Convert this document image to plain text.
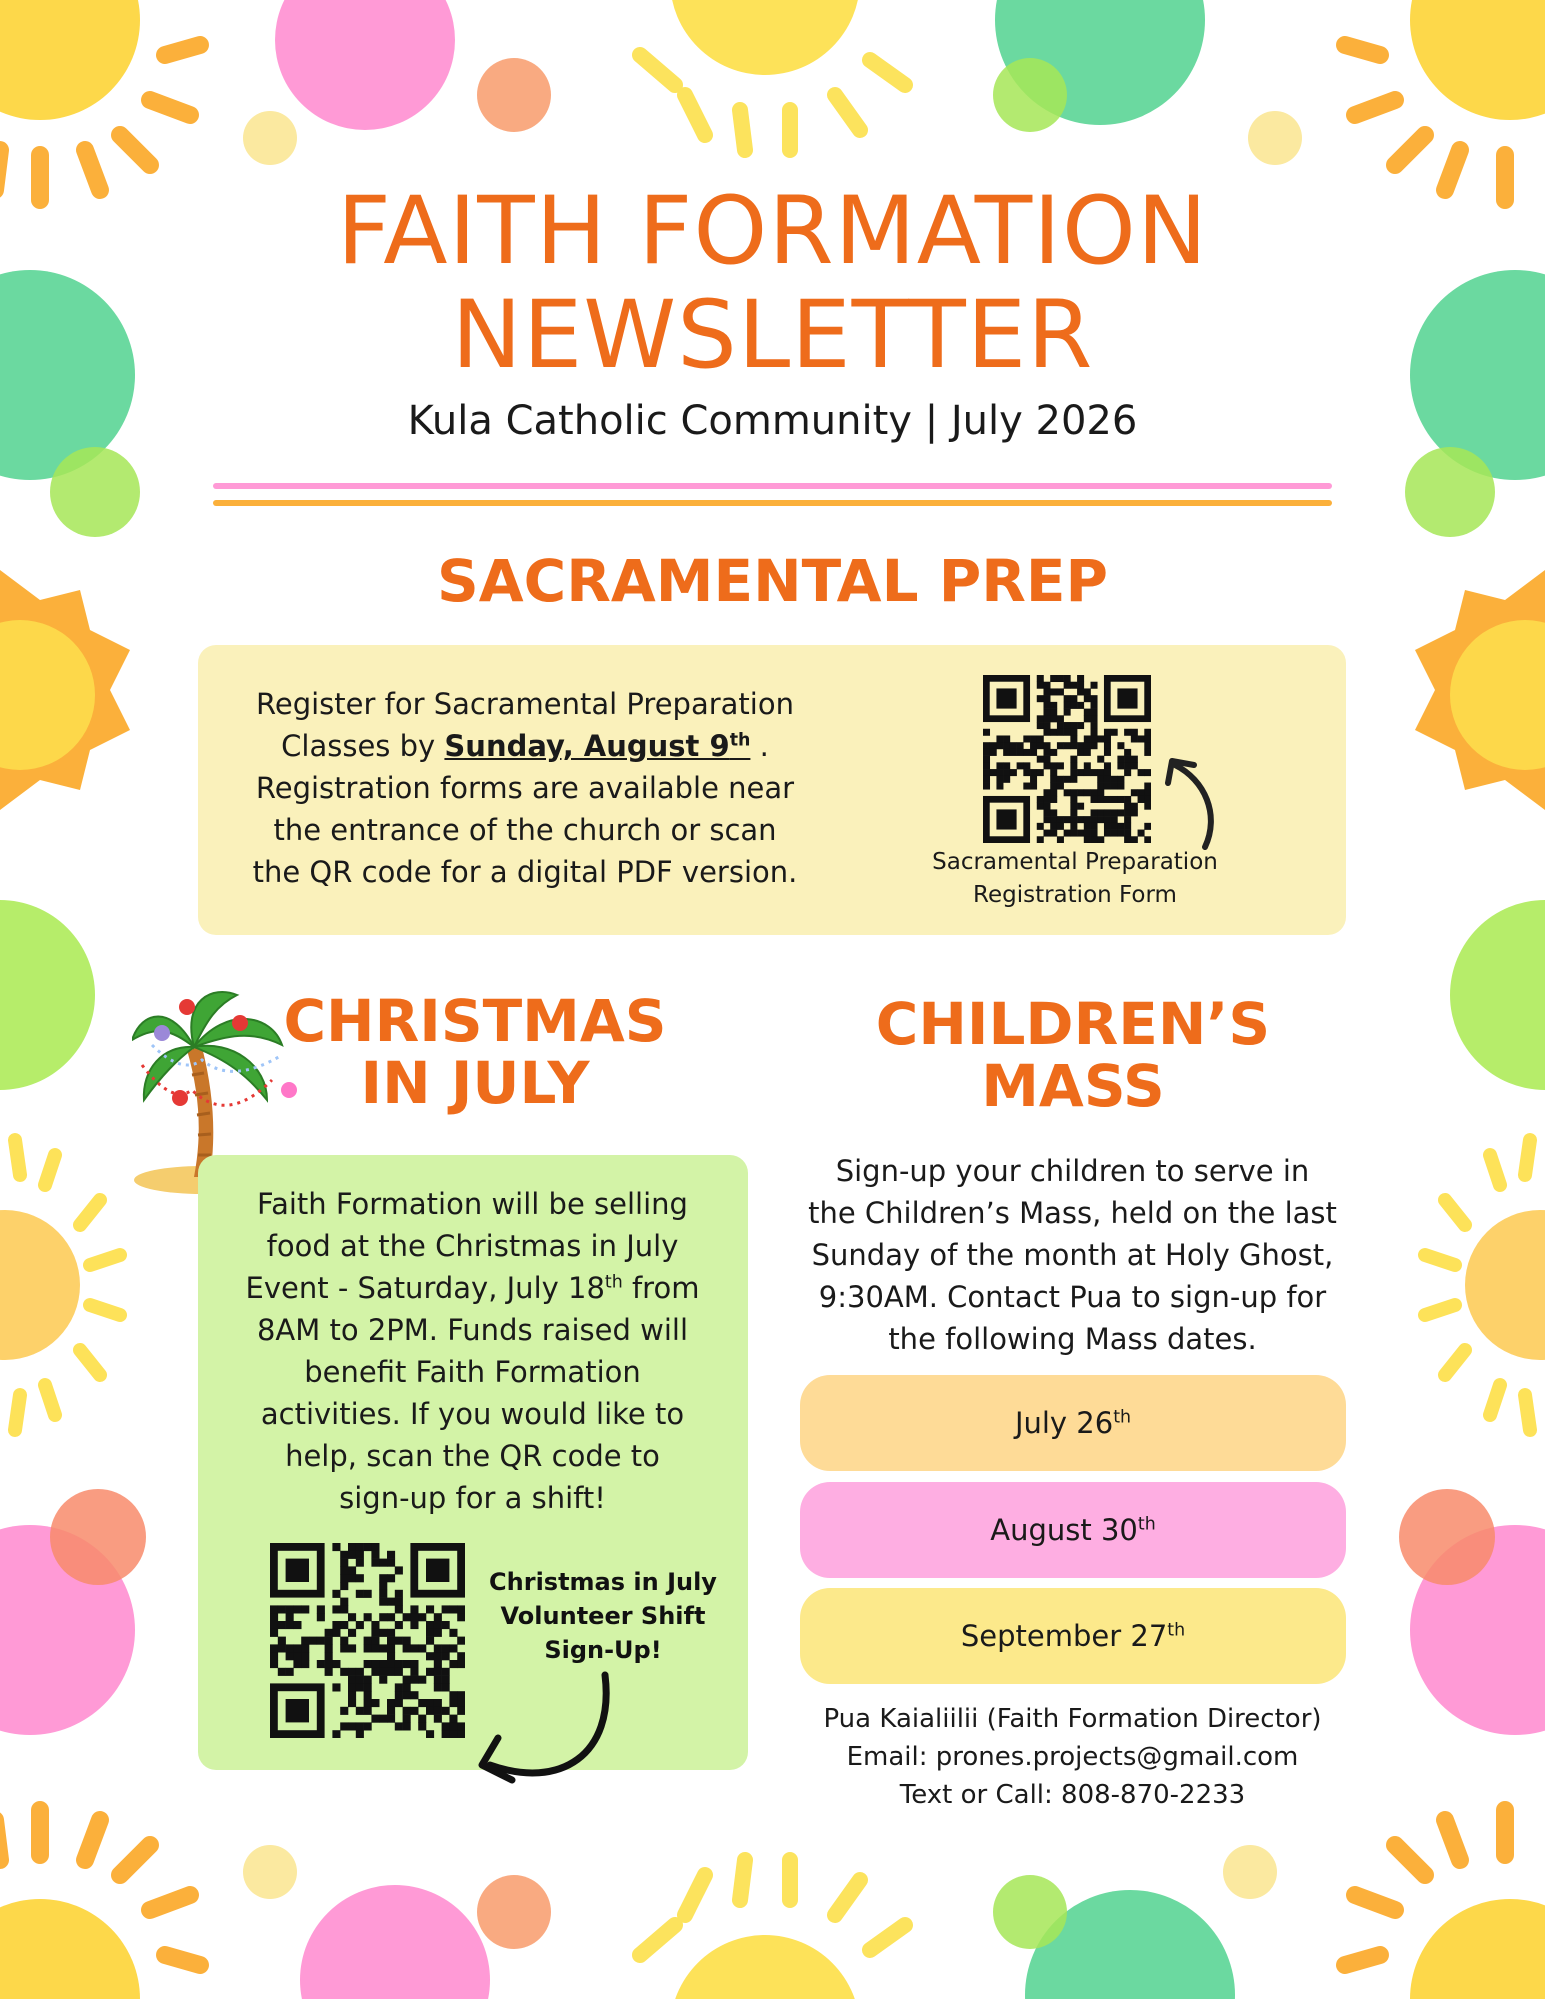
FAITH FORMATION
NEWSLETTER
Kula Catholic Community | July 2026
SACRAMENTAL PREP
Register for Sacramental Preparation
Classes by Sunday, August 9th .
Registration forms are available near
the entrance of the church or scan
the QR code for a digital PDF version.	Sacramental Preparation
Registration Form
CHRISTMAS
IN JULY
Faith Formation will be selling
food at the Christmas in July
Event - Saturday, July 18th from
8AM to 2PM. Funds raised will
benefit Faith Formation
activities. If you would like to
help, scan the QR code to
sign-up for a shift!
Christmas in July
Volunteer Shift
Sign-Up!
CHILDREN’S
MASS
Sign-up your children to serve in
the Children’s Mass, held on the last
Sunday of the month at Holy Ghost,
9:30AM. Contact Pua to sign-up for
the following Mass dates.
July 26th
August 30th
September 27th
Pua Kaialiilii (Faith Formation Director)
Email: prones.projects@gmail.com
Text or Call: 808-870-2233
